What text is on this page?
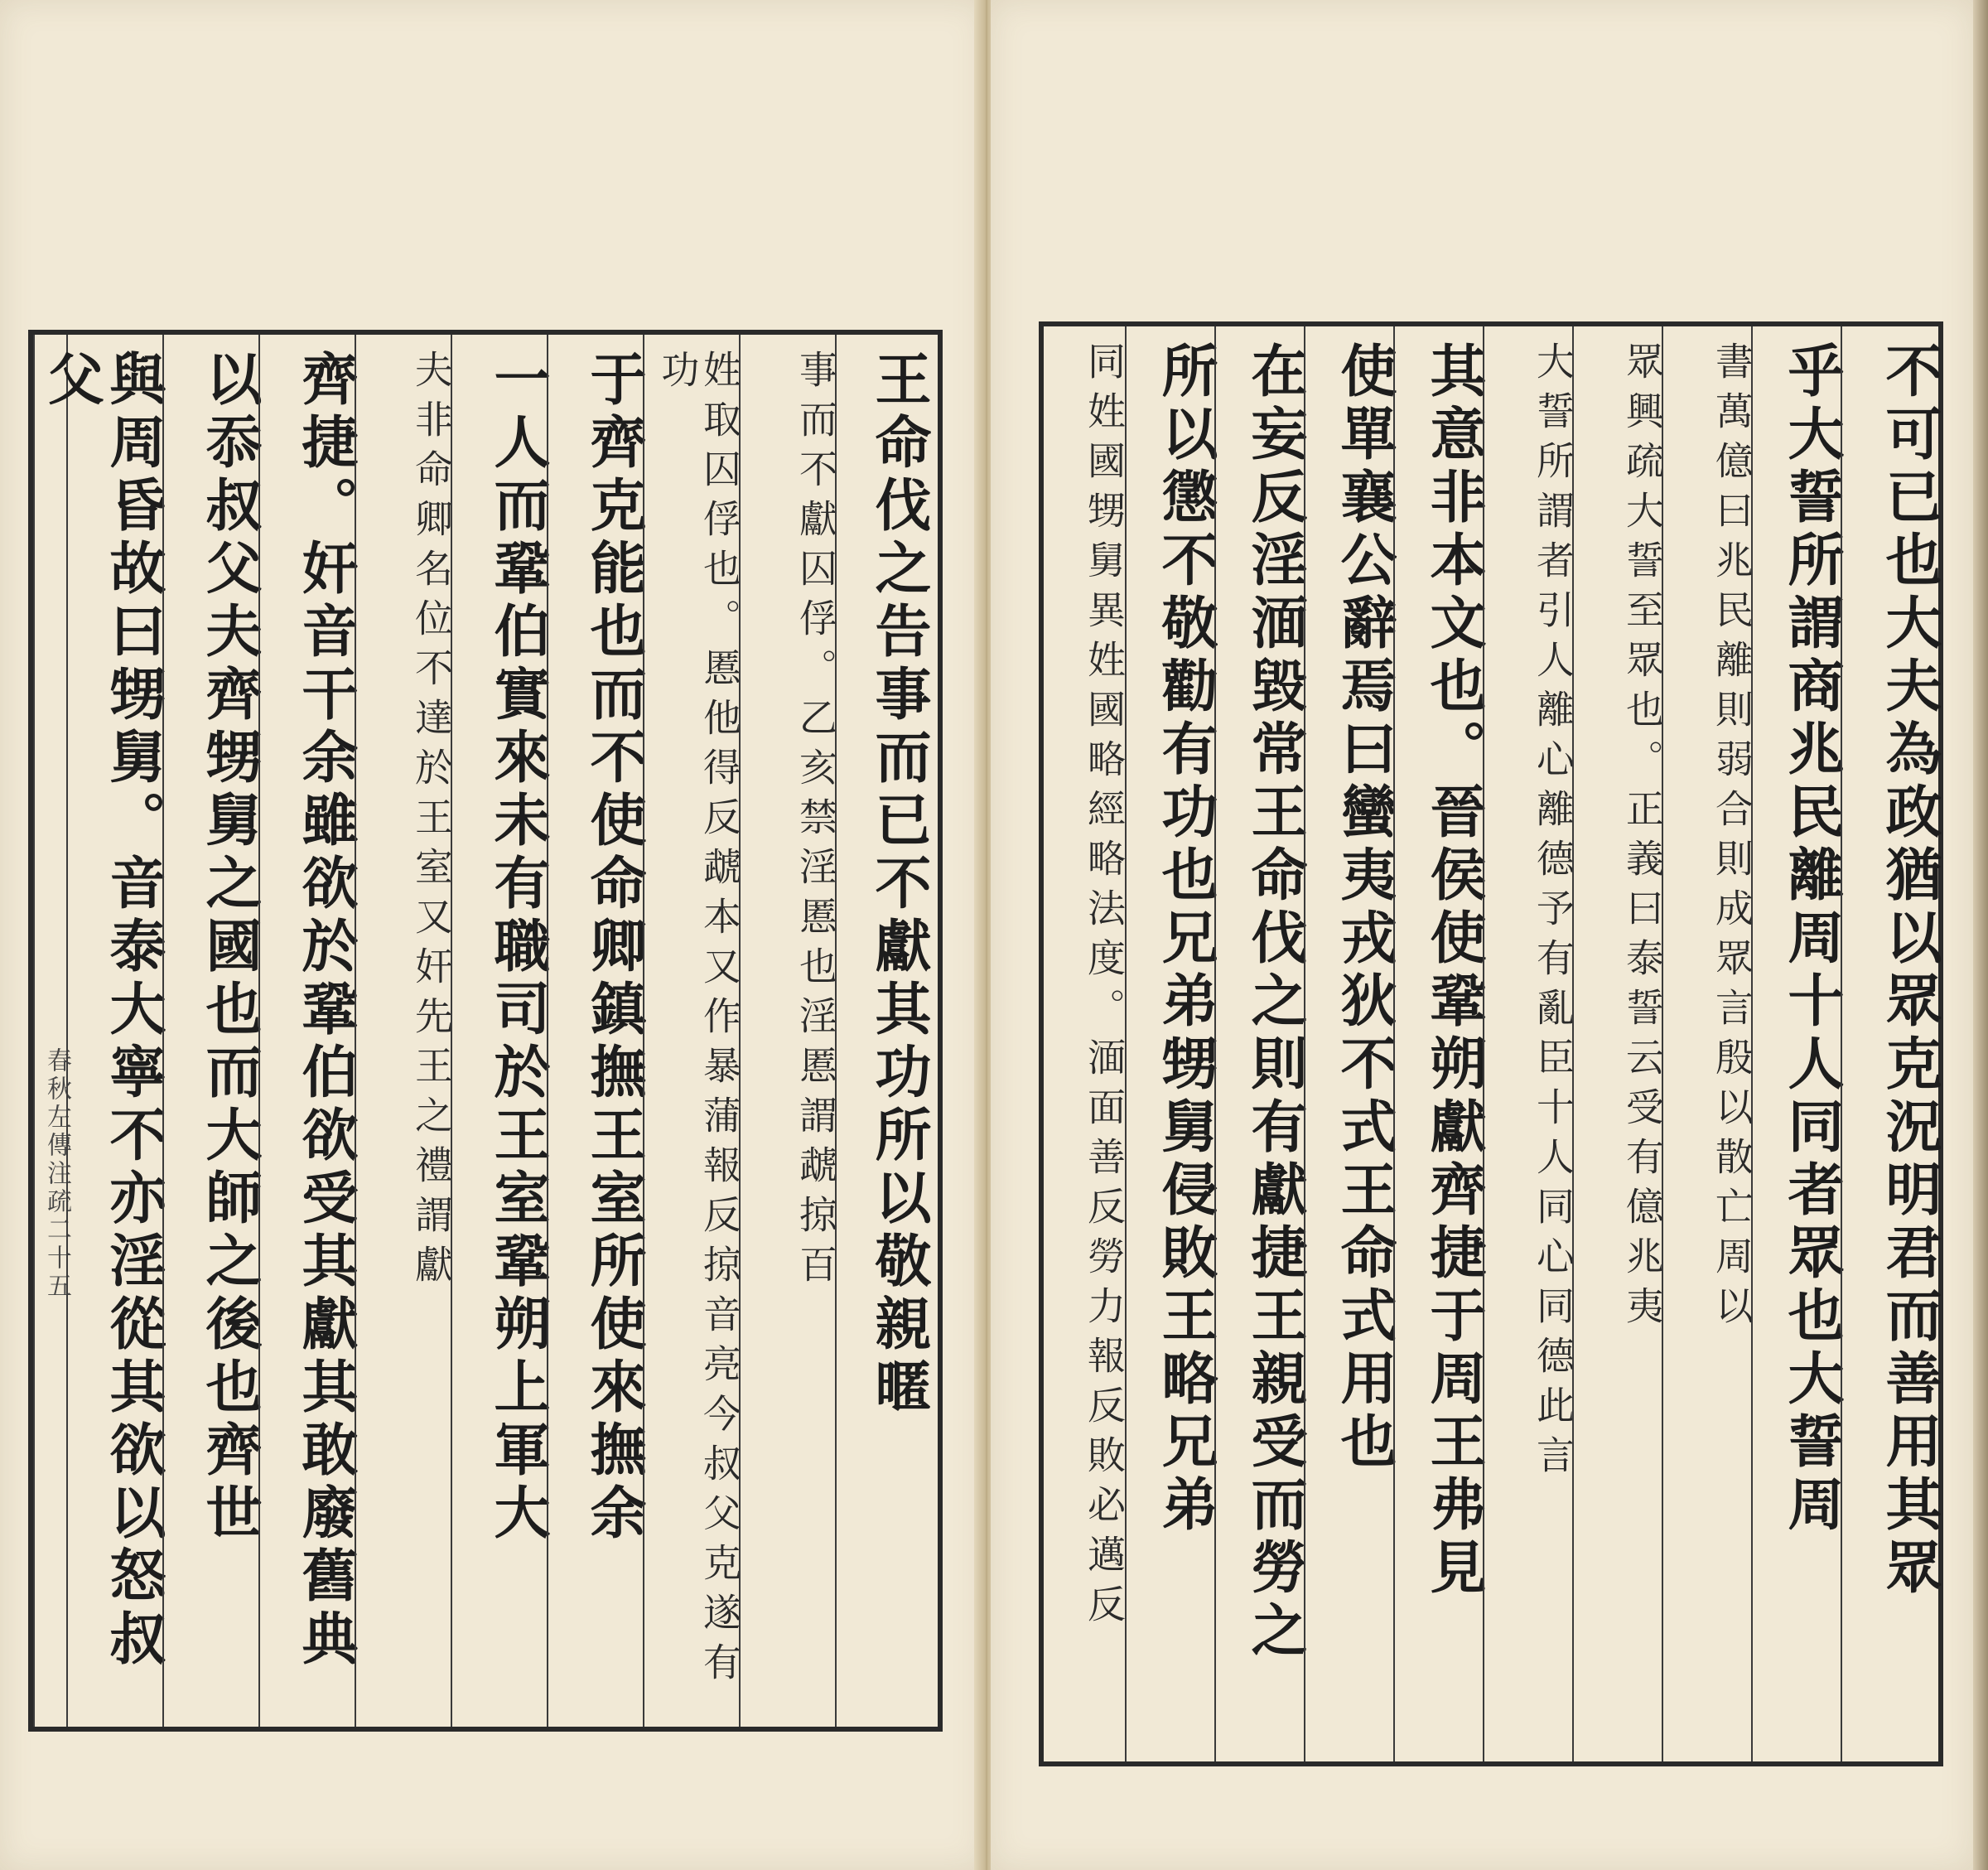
春秋左傳注疏二十五 與周昏故曰甥舅。音泰大寧不亦淫從其欲以怒叔父	以忝叔父夫齊甥舅之國也而大師之後也齊世 齊捷。奸音干余雖欲於鞏伯欲受其獻其敢廢舊典	夫非命卿名位不達於王室又奸先王之禮謂獻 一人而鞏伯實來未有職司於王室鞏朔上軍大 于齊克能也而不使命卿鎮撫王室所使來撫余	姓取囚俘也。慝他得反虣本又作暴蒲報反掠音亮今叔父克遂有功	事而不獻囚俘。乙亥禁淫慝也淫慝謂虣掠百 王命伐之告事而已不獻其功所以敬親暱	同姓國甥舅異姓國略經略法度。湎面善反勞力報反敗必邁反 所以懲不敬勸有功也兄弟甥舅侵敗王略兄弟 在妄反淫湎毀常王命伐之則有獻捷王親受而勞之 使單襄公辭焉曰蠻夷戎狄不式王命式用也 其意非本文也。晉侯使鞏朔獻齊捷于周王弗見	大誓所謂者引人離心離德予有亂臣十人同心同德此言	眾興疏大誓至眾也。正義曰泰誓云受有億兆夷	書萬億曰兆民離則弱合則成眾言殷以散亡周以 乎大誓所謂商兆民離周十人同者眾也大誓周 不可已也大夫為政猶以眾克況明君而善用其眾
